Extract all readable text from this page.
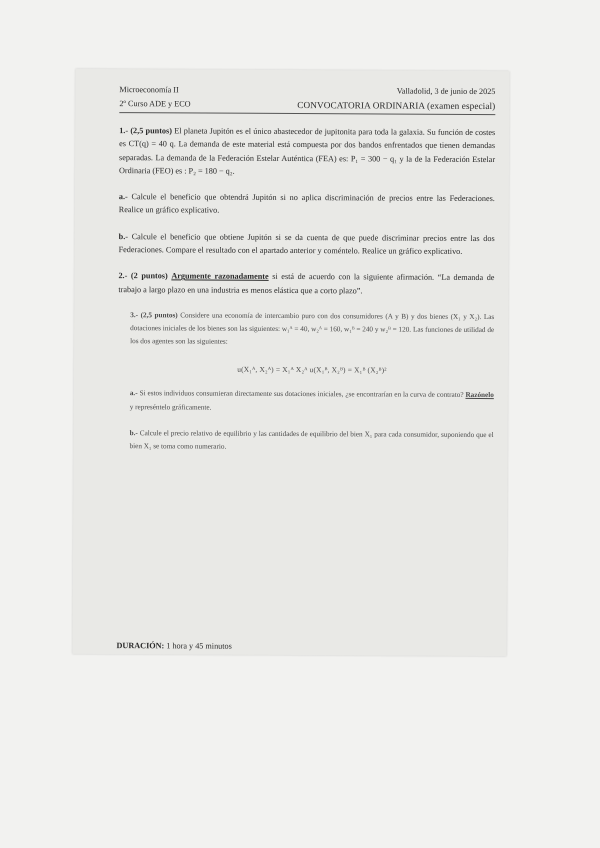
Microeconomía II	Valladolid, 3 de junio de 2025
2º Curso ADE y ECO	CONVOCATORIA ORDINARIA (examen especial)

1.- (2,5 puntos) El planeta Jupitón es el único abastecedor de jupitonita para toda la galaxia. Su función de costes es CT(q) = 40 q. La demanda de este material está compuesta por dos bandos enfrentados que tienen demandas separadas. La demanda de la Federación Estelar Auténtica (FEA) es: P₁ = 300 − q₁ y la de la Federación Estelar Ordinaria (FEO) es : P₂ = 180 − q₂.

a.- Calcule el beneficio que obtendrá Jupitón si no aplica discriminación de precios entre las Federaciones. Realice un gráfico explicativo.

b.- Calcule el beneficio que obtiene Jupitón si se da cuenta de que puede discriminar precios entre las dos Federaciones. Compare el resultado con el apartado anterior y coméntelo. Realice un gráfico explicativo.

2.- (2 puntos) Argumente razonadamente si está de acuerdo con la siguiente afirmación. “La demanda de trabajo a largo plazo en una industria es menos elástica que a corto plazo”.

3.- (2,5 puntos) Considere una economía de intercambio puro con dos consumidores (A y B) y dos bienes (X₁ y X₂). Las dotaciones iniciales de los bienes son las siguientes: w₁ᴬ = 40, w₂ᴬ = 160, w₁ᴮ = 240 y w₂ᴮ = 120. Las funciones de utilidad de los dos agentes son las siguientes:

u(X₁ᴬ, X₂ᴬ) = X₁ᴬ X₂ᴬ u(X₁ᴮ, X₂ᴮ) = X₁ᴮ (X₂ᴮ)²

a.- Si estos individuos consumieran directamente sus dotaciones iniciales, ¿se encontrarían en la curva de contrato? Razónelo y represéntelo gráficamente.

b.- Calcule el precio relativo de equilibrio y las cantidades de equilibrio del bien X₁ para cada consumidor, suponiendo que el bien X₁ se toma como numerario.

DURACIÓN: 1 hora y 45 minutos
